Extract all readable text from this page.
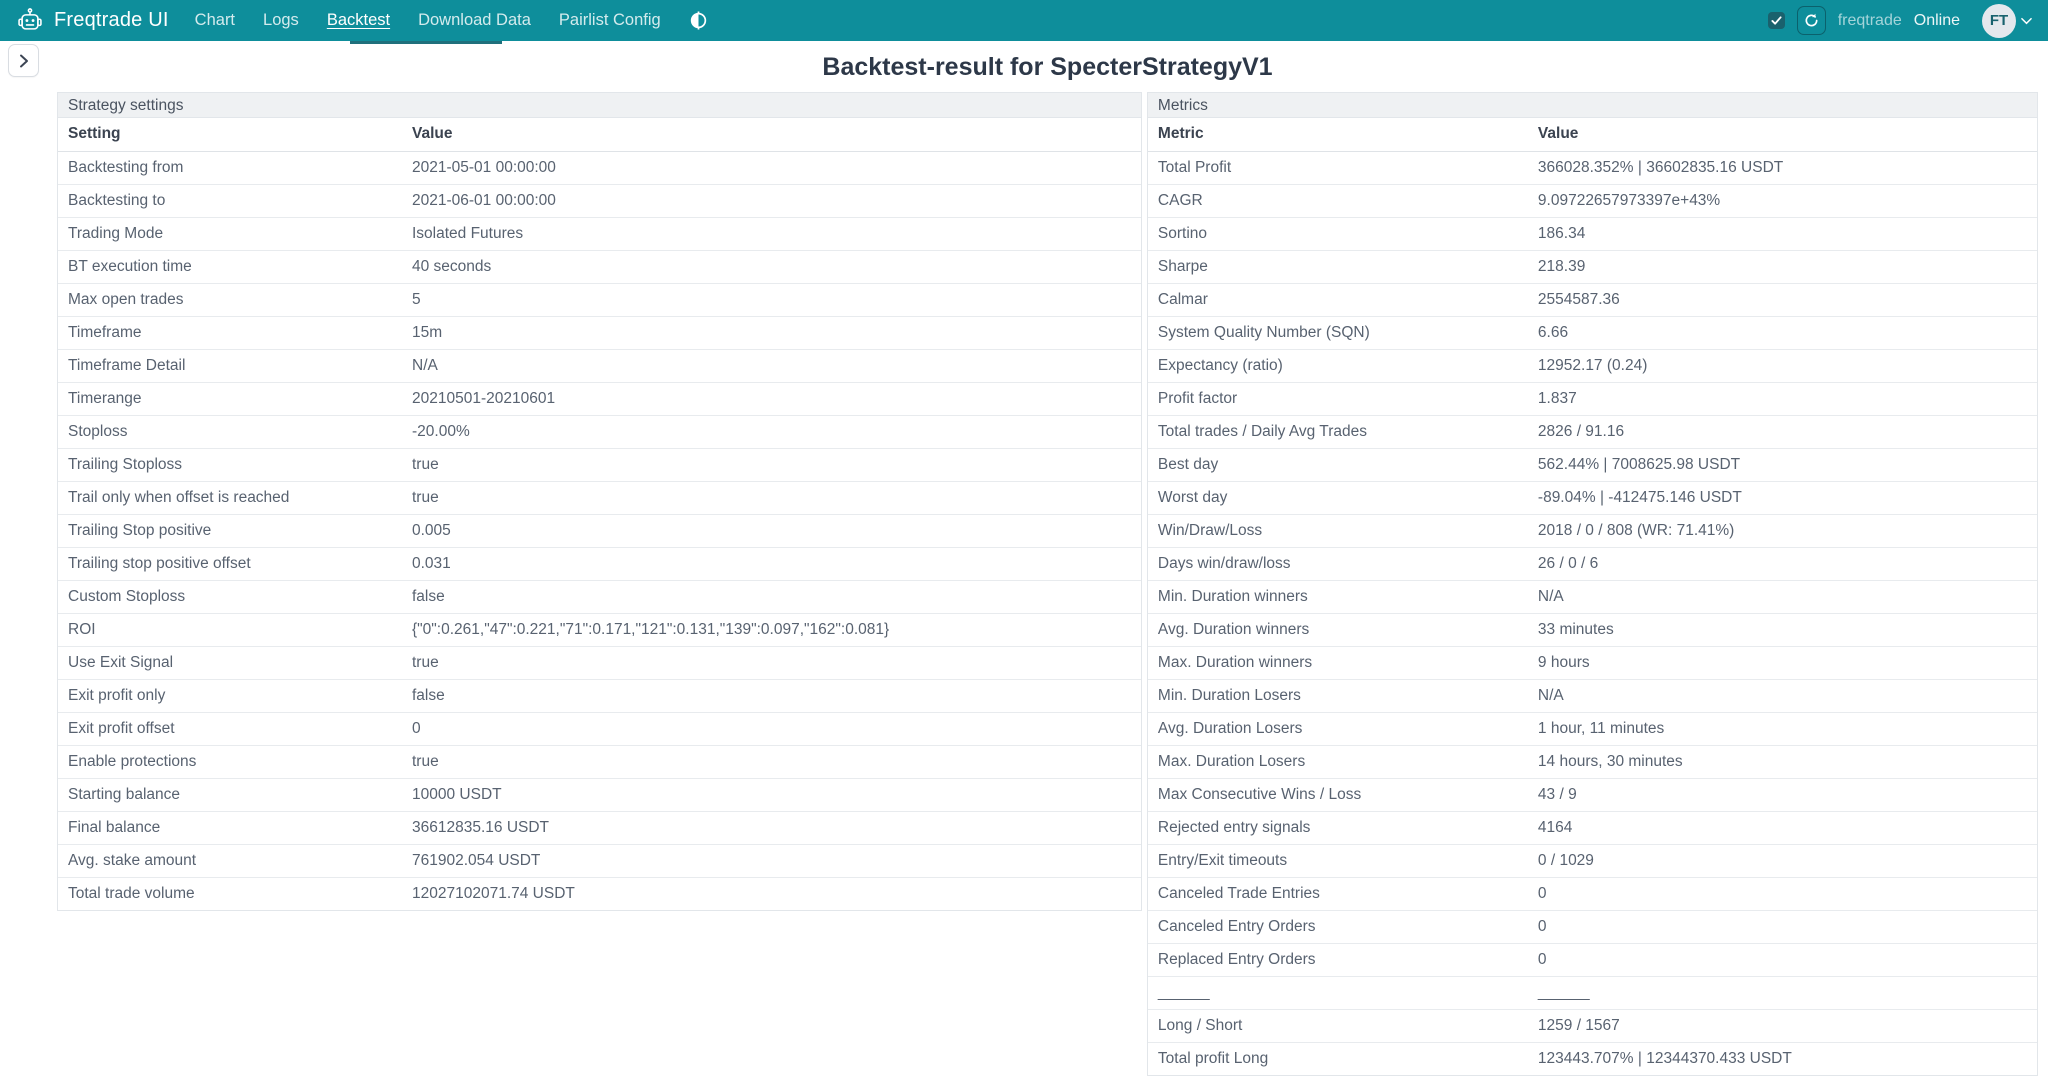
Freqtrade UI Chart Logs Backtest Download Data Pairlist Config	freqtrade Online	FT
Backtest-result for SpecterStrategyV1
Strategy settings
Setting	Value
Backtesting from	2021-05-01 00:00:00
Backtesting to	2021-06-01 00:00:00
Trading Mode	Isolated Futures
BT execution time	40 seconds
Max open trades	5
Timeframe	15m
Timeframe Detail	N/A
Timerange	20210501-20210601
Stoploss	-20.00%
Trailing Stoploss	true
Trail only when offset is reached	true
Trailing Stop positive	0.005
Trailing stop positive offset	0.031
Custom Stoploss	false
ROI	{"0":0.261,"47":0.221,"71":0.171,"121":0.131,"139":0.097,"162":0.081}
Use Exit Signal	true
Exit profit only	false
Exit profit offset	0
Enable protections	true
Starting balance	10000 USDT
Final balance	36612835.16 USDT
Avg. stake amount	761902.054 USDT
Total trade volume	12027102071.74 USDT
Metrics
Metric	Value
Total Profit	366028.352% | 36602835.16 USDT
CAGR	9.09722657973397e+43%
Sortino	186.34
Sharpe	218.39
Calmar	2554587.36
System Quality Number (SQN)	6.66
Expectancy (ratio)	12952.17 (0.24)
Profit factor	1.837
Total trades / Daily Avg Trades	2826 / 91.16
Best day	562.44% | 7008625.98 USDT
Worst day	-89.04% | -412475.146 USDT
Win/Draw/Loss	2018 / 0 / 808 (WR: 71.41%)
Days win/draw/loss	26 / 0 / 6
Min. Duration winners	N/A
Avg. Duration winners	33 minutes
Max. Duration winners	9 hours
Min. Duration Losers	N/A
Avg. Duration Losers	1 hour, 11 minutes
Max. Duration Losers	14 hours, 30 minutes
Max Consecutive Wins / Loss	43 / 9
Rejected entry signals	4164
Entry/Exit timeouts	0 / 1029
Canceled Trade Entries	0
Canceled Entry Orders	0
Replaced Entry Orders	0
______	______
Long / Short	1259 / 1567
Total profit Long	123443.707% | 12344370.433 USDT
